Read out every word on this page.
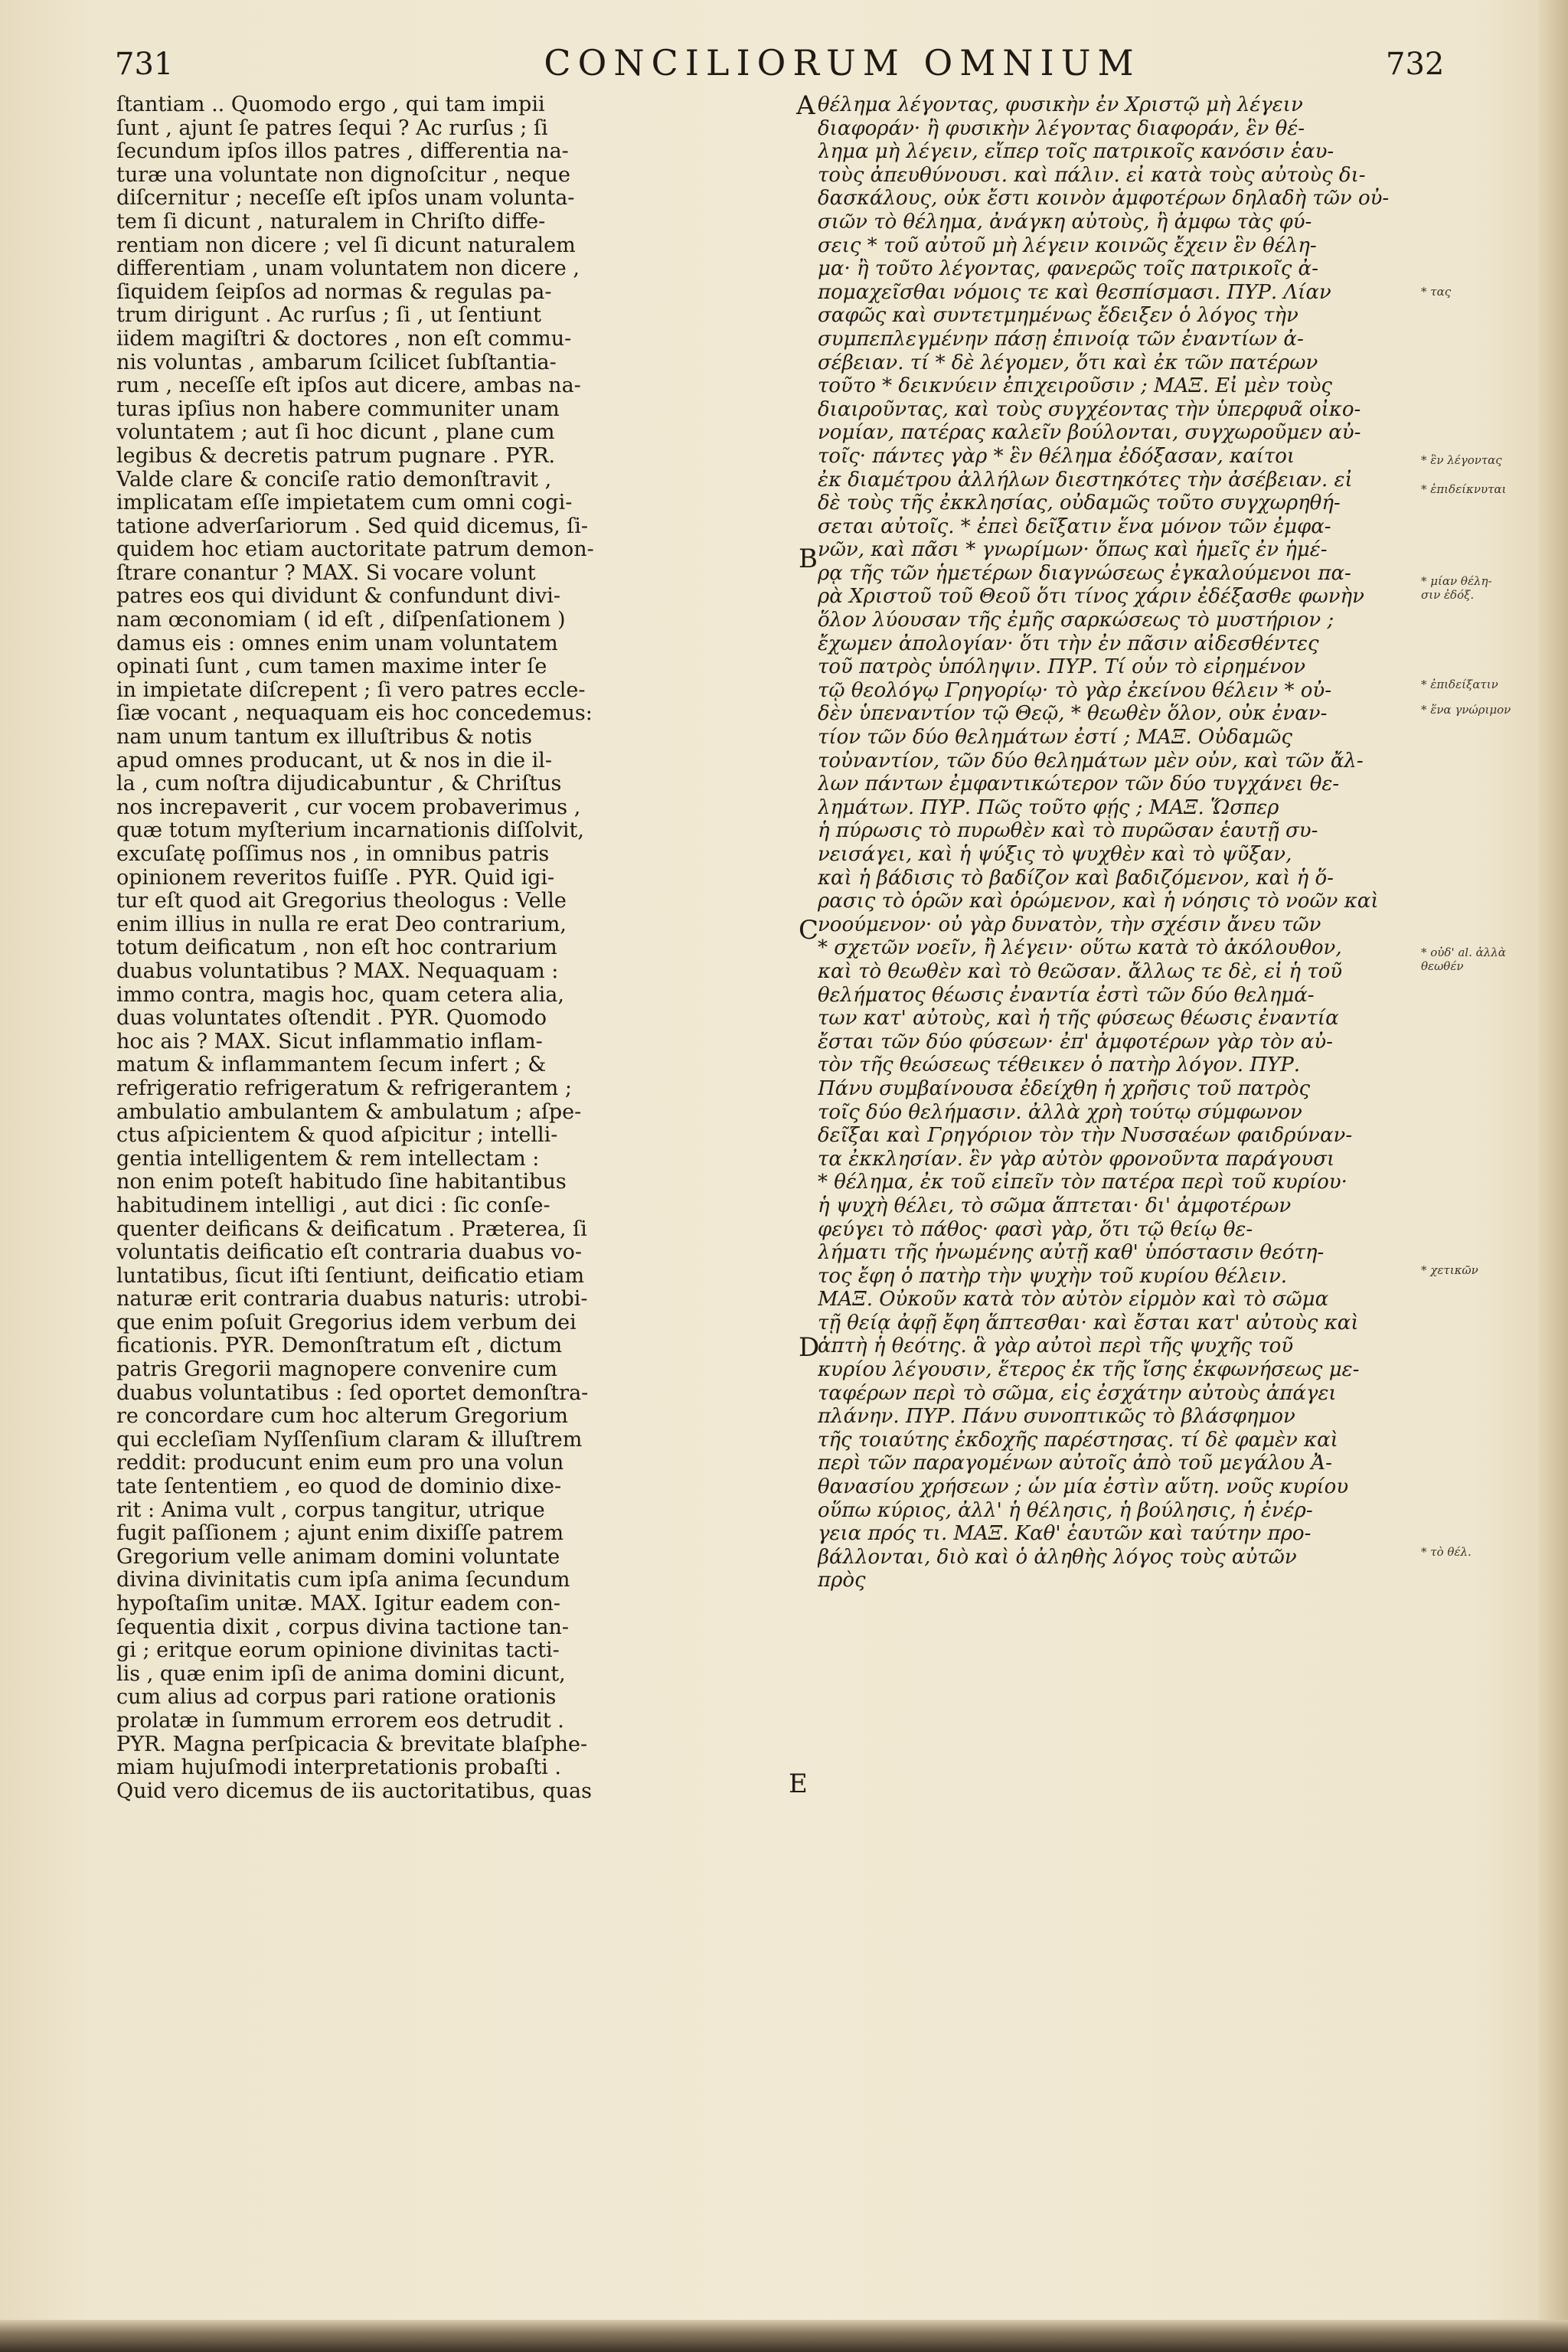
731	CONCILIORUM OMNIUM	732
ſtantiam .. Quomodo ergo , qui tam impii
ſunt , ajunt ſe patres ſequi ? Ac rurſus ; ſi
ſecundum ipſos illos patres , differentia na-
turæ una voluntate non dignoſcitur , neque
diſcernitur ; neceſſe eſt ipſos unam volunta-
tem ſi dicunt , naturalem in Chriſto diffe-
rentiam non dicere ; vel ſi dicunt naturalem
differentiam , unam voluntatem non dicere ,
ſiquidem ſeipſos ad normas & regulas pa-
trum dirigunt . Ac rurſus ; ſi , ut ſentiunt
iidem magiſtri & doctores , non eſt commu-
nis voluntas , ambarum ſcilicet ſubſtantia-
rum , neceſſe eſt ipſos aut dicere, ambas na-
turas ipſius non habere communiter unam
voluntatem ; aut ſi hoc dicunt , plane cum
legibus & decretis patrum pugnare . PYR.
Valde clare & conciſe ratio demonſtravit ,
implicatam eſſe impietatem cum omni cogi-
tatione adverſariorum . Sed quid dicemus, ſi-
quidem hoc etiam auctoritate patrum demon-
ſtrare conantur ? MAX. Si vocare volunt
patres eos qui dividunt & confundunt divi-
nam œconomiam ( id eſt , diſpenſationem )
damus eis : omnes enim unam voluntatem
opinati ſunt , cum tamen maxime inter ſe
in impietate diſcrepent ; ſi vero patres eccle-
ſiæ vocant , nequaquam eis hoc concedemus:
nam unum tantum ex illuſtribus & notis
apud omnes producant, ut & nos in die il-
la , cum noſtra dijudicabuntur , & Chriſtus
nos increpaverit , cur vocem probaverimus ,
quæ totum myſterium incarnationis diſſolvit,
excuſatę poſſimus nos , in omnibus patris
opinionem reveritos fuiſſe . PYR. Quid igi-
tur eſt quod ait Gregorius theologus : Velle
enim illius in nulla re erat Deo contrarium,
totum deificatum , non eſt hoc contrarium
duabus voluntatibus ? MAX. Nequaquam :
immo contra, magis hoc, quam cetera alia,
duas voluntates oſtendit . PYR. Quomodo
hoc ais ? MAX. Sicut inflammatio inflam-
matum & inflammantem ſecum infert ; &
refrigeratio refrigeratum & refrigerantem ;
ambulatio ambulantem & ambulatum ; aſpe-
ctus aſpicientem & quod aſpicitur ; intelli-
gentia intelligentem & rem intellectam :
non enim poteſt habitudo ſine habitantibus
habitudinem intelligi , aut dici : ſic conſe-
quenter deificans & deificatum . Præterea, ſi
voluntatis deificatio eſt contraria duabus vo-
luntatibus, ſicut iſti ſentiunt, deificatio etiam
naturæ erit contraria duabus naturis: utrobi-
que enim poſuit Gregorius idem verbum dei
ficationis. PYR. Demonſtratum eſt , dictum
patris Gregorii magnopere convenire cum
duabus voluntatibus : ſed oportet demonſtra-
re concordare cum hoc alterum Gregorium
qui eccleſiam Nyſſenſium claram & illuſtrem
reddit: producunt enim eum pro una volun
tate ſententiem , eo quod de dominio dixe-
rit : Anima vult , corpus tangitur, utrique
fugit paſſionem ; ajunt enim dixiſſe patrem
Gregorium velle animam domini voluntate
divina divinitatis cum ipſa anima ſecundum
hypoſtaſim unitæ. MAX. Igitur eadem con-
ſequentia dixit , corpus divina tactione tan-
gi ; eritque eorum opinione divinitas tacti-
lis , quæ enim ipſi de anima domini dicunt,
cum alius ad corpus pari ratione orationis
prolatæ in ſummum errorem eos detrudit .
PYR. Magna perſpicacia & brevitate blaſphe-
miam hujuſmodi interpretationis probaſti .
Quid vero dicemus de iis auctoritatibus, quas
θέλημα λέγοντας, φυσικὴν ἐν Χριστῷ μὴ λέγειν
διαφοράν· ἢ φυσικὴν λέγοντας διαφοράν, ἓν θέ-
λημα μὴ λέγειν, εἴπερ τοῖς πατρικοῖς κανόσιν ἑαυ-
τοὺς ἀπευθύνουσι. καὶ πάλιν. εἰ κατὰ τοὺς αὐτοὺς δι-
δασκάλους, οὐκ ἔστι κοινὸν ἀμφοτέρων δηλαδὴ τῶν οὐ-
σιῶν τὸ θέλημα, ἀνάγκη αὐτοὺς, ἢ ἀμφω τὰς φύ-
σεις * τοῦ αὐτοῦ μὴ λέγειν κοινῶς ἔχειν ἓν θέλη-
μα· ἢ τοῦτο λέγοντας, φανερῶς τοῖς πατρικοῖς ἀ-
πομαχεῖσθαι νόμοις τε καὶ θεσπίσμασι. ΠΥΡ. Λίαν
σαφῶς καὶ συντετμημένως ἔδειξεν ὁ λόγος τὴν
συμπεπλεγμένην πάσῃ ἐπινοίᾳ τῶν ἐναντίων ἀ-
σέβειαν. τί * δὲ λέγομεν, ὅτι καὶ ἐκ τῶν πατέρων
τοῦτο * δεικνύειν ἐπιχειροῦσιν ; ΜΑΞ. Εἰ μὲν τοὺς
διαιροῦντας, καὶ τοὺς συγχέοντας τὴν ὑπερφυᾶ οἰκο-
νομίαν, πατέρας καλεῖν βούλονται, συγχωροῦμεν αὐ-
τοῖς· πάντες γὰρ * ἓν θέλημα ἐδόξασαν, καίτοι
ἐκ διαμέτρου ἀλλήλων διεστηκότες τὴν ἀσέβειαν. εἰ
δὲ τοὺς τῆς ἐκκλησίας, οὐδαμῶς τοῦτο συγχωρηθή-
σεται αὐτοῖς. * ἐπεὶ δεῖξατιν ἕνα μόνον τῶν ἐμφα-
νῶν, καὶ πᾶσι * γνωρίμων· ὅπως καὶ ἡμεῖς ἐν ἡμέ-
ρᾳ τῆς τῶν ἡμετέρων διαγνώσεως ἐγκαλούμενοι πα-
ρὰ Χριστοῦ τοῦ Θεοῦ ὅτι τίνος χάριν ἐδέξασθε φωνὴν
ὅλον λύουσαν τῆς ἐμῆς σαρκώσεως τὸ μυστήριον ;
ἔχωμεν ἀπολογίαν· ὅτι τὴν ἐν πᾶσιν αἰδεσθέντες
τοῦ πατρὸς ὑπόληψιν. ΠΥΡ. Τί οὖν τὸ εἰρημένον
τῷ θεολόγῳ Γρηγορίῳ· τὸ γὰρ ἐκείνου θέλειν * οὐ-
δὲν ὑπεναντίον τῷ Θεῷ, * θεωθὲν ὅλον, οὐκ ἐναν-
τίον τῶν δύο θελημάτων ἐστί ; ΜΑΞ. Οὐδαμῶς
τοὐναντίον, τῶν δύο θελημάτων μὲν οὖν, καὶ τῶν ἄλ-
λων πάντων ἐμφαντικώτερον τῶν δύο τυγχάνει θε-
λημάτων. ΠΥΡ. Πῶς τοῦτο φῄς ; ΜΑΞ. Ὥσπερ
ἡ πύρωσις τὸ πυρωθὲν καὶ τὸ πυρῶσαν ἑαυτῇ συ-
νεισάγει, καὶ ἡ ψύξις τὸ ψυχθὲν καὶ τὸ ψῦξαν,
καὶ ἡ βάδισις τὸ βαδίζον καὶ βαδιζόμενον, καὶ ἡ ὅ-
ρασις τὸ ὁρῶν καὶ ὁρώμενον, καὶ ἡ νόησις τὸ νοῶν καὶ
νοούμενον· οὐ γὰρ δυνατὸν, τὴν σχέσιν ἄνευ τῶν
* σχετῶν νοεῖν, ἢ λέγειν· οὕτω κατὰ τὸ ἀκόλουθον,
καὶ τὸ θεωθὲν καὶ τὸ θεῶσαν. ἄλλως τε δὲ, εἰ ἡ τοῦ
θελήματος θέωσις ἐναντία ἐστὶ τῶν δύο θελημά-
των κατ' αὐτοὺς, καὶ ἡ τῆς φύσεως θέωσις ἐναντία
ἔσται τῶν δύο φύσεων· ἐπ' ἀμφοτέρων γὰρ τὸν αὐ-
τὸν τῆς θεώσεως τέθεικεν ὁ πατὴρ λόγον. ΠΥΡ.
Πάνυ συμβαίνουσα ἐδείχθη ἡ χρῆσις τοῦ πατρὸς
τοῖς δύο θελήμασιν. ἀλλὰ χρὴ τούτῳ σύμφωνον
δεῖξαι καὶ Γρηγόριον τὸν τὴν Νυσσαέων φαιδρύναν-
τα ἐκκλησίαν. ἓν γὰρ αὐτὸν φρονοῦντα παράγουσι
* θέλημα, ἐκ τοῦ εἰπεῖν τὸν πατέρα περὶ τοῦ κυρίου·
ἡ ψυχὴ θέλει, τὸ σῶμα ἅπτεται· δι' ἀμφοτέρων
φεύγει τὸ πάθος· φασὶ γὰρ, ὅτι τῷ θείῳ θε-
λήματι τῆς ἡνωμένης αὐτῇ καθ' ὑπόστασιν θεότη-
τος ἔφη ὁ πατὴρ τὴν ψυχὴν τοῦ κυρίου θέλειν.
ΜΑΞ. Οὐκοῦν κατὰ τὸν αὐτὸν εἱρμὸν καὶ τὸ σῶμα
τῇ θείᾳ ἀφῇ ἔφη ἅπτεσθαι· καὶ ἔσται κατ' αὐτοὺς καὶ
ἁπτὴ ἡ θεότης. ἃ γὰρ αὐτοὶ περὶ τῆς ψυχῆς τοῦ
κυρίου λέγουσιν, ἕτερος ἐκ τῆς ἴσης ἐκφωνήσεως με-
ταφέρων περὶ τὸ σῶμα, εἰς ἐσχάτην αὐτοὺς ἀπάγει
πλάνην. ΠΥΡ. Πάνυ συνοπτικῶς τὸ βλάσφημον
τῆς τοιαύτης ἐκδοχῆς παρέστησας. τί δὲ φαμὲν καὶ
περὶ τῶν παραγομένων αὐτοῖς ἀπὸ τοῦ μεγάλου Ἀ-
θανασίου χρήσεων ; ὧν μία ἐστὶν αὕτη. νοῦς κυρίου
οὕπω κύριος, ἀλλ' ἡ θέλησις, ἡ βούλησις, ἡ ἐνέρ-
γεια πρός τι. ΜΑΞ. Καθ' ἑαυτῶν καὶ ταύτην προ-
βάλλονται, διὸ καὶ ὁ ἀληθὴς λόγος τοὺς αὐτῶν
πρὸς
A
B
C
D
E
* τας
* ἓν λέγοντας
* ἐπιδείκνυται
* μίαν θέλη- σιν ἐδόξ.
* ἐπιδείξατιν
* ἕνα γνώριμον
* οὐδ' al. ἀλλὰ θεωθέν
* χετικῶν
* τὸ θέλ.
